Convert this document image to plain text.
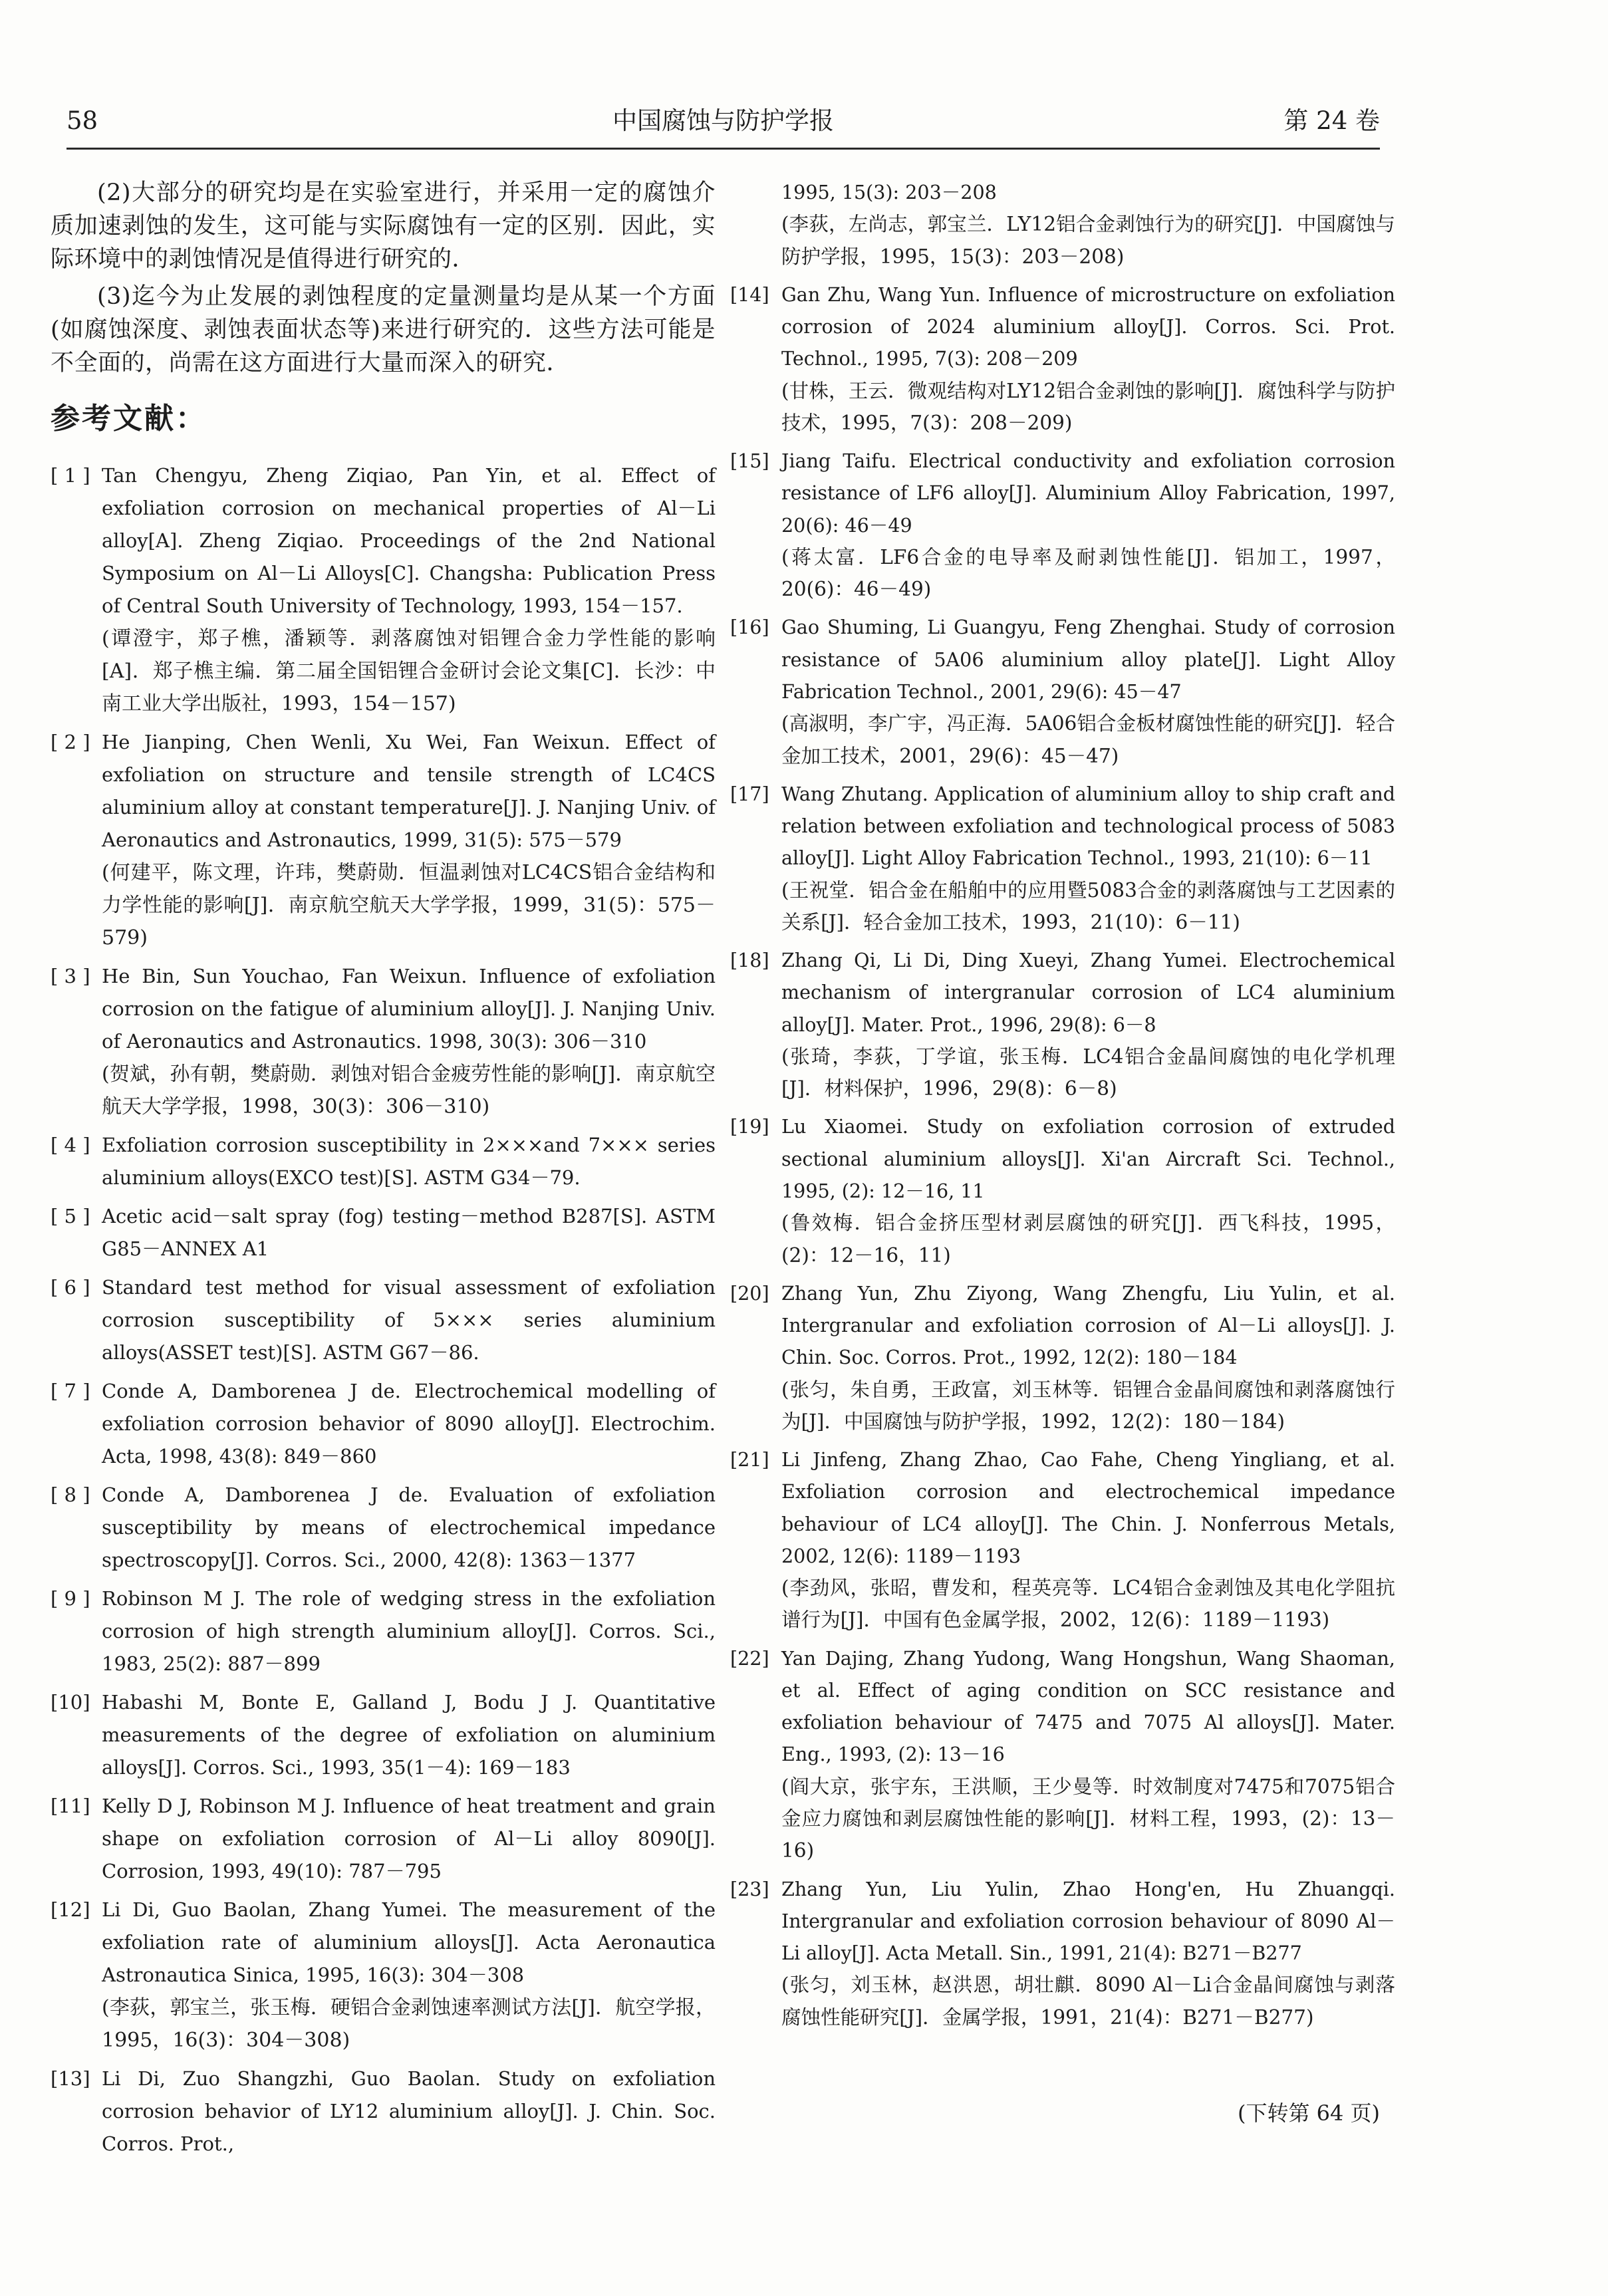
58	中国腐蚀与防护学报	第 24 卷

(2)大部分的研究均是在实验室进行，并采用一定的腐蚀介质加速剥蚀的发生，这可能与实际腐蚀有一定的区别．因此，实际环境中的剥蚀情况是值得进行研究的．

(3)迄今为止发展的剥蚀程度的定量测量均是从某一个方面(如腐蚀深度、剥蚀表面状态等)来进行研究的．这些方法可能是不全面的，尚需在这方面进行大量而深入的研究．

参考文献：
[ 1 ] Tan Chengyu, Zheng Ziqiao, Pan Yin, et al. Effect of exfoliation corrosion on mechanical properties of Al－Li alloy[A]. Zheng Ziqiao. Proceedings of the 2nd National Symposium on Al－Li Alloys[C]. Changsha: Publication Press of Central South University of Technology, 1993, 154－157.
(谭澄宇，郑子樵，潘颖等．剥落腐蚀对铝锂合金力学性能的影响[A]．郑子樵主编．第二届全国铝锂合金研讨会论文集[C]．长沙：中南工业大学出版社，1993，154－157)
[ 2 ] He Jianping, Chen Wenli, Xu Wei, Fan Weixun. Effect of exfoliation on structure and tensile strength of LC4CS aluminium alloy at constant temperature[J]. J. Nanjing Univ. of Aeronautics and Astronautics, 1999, 31(5): 575－579
(何建平，陈文理，许玮，樊蔚勋．恒温剥蚀对LC4CS铝合金结构和力学性能的影响[J]．南京航空航天大学学报，1999，31(5)：575－579)
[ 3 ] He Bin, Sun Youchao, Fan Weixun. Influence of exfoliation corrosion on the fatigue of aluminium alloy[J]. J. Nanjing Univ. of Aeronautics and Astronautics. 1998, 30(3): 306－310
(贺斌，孙有朝，樊蔚勋．剥蚀对铝合金疲劳性能的影响[J]．南京航空航天大学学报，1998，30(3)：306－310)
[ 4 ] Exfoliation corrosion susceptibility in 2×××and 7××× series aluminium alloys(EXCO test)[S]. ASTM G34－79.
[ 5 ] Acetic acid－salt spray (fog) testing－method B287[S]. ASTM G85－ANNEX A1
[ 6 ] Standard test method for visual assessment of exfoliation corrosion susceptibility of 5××× series aluminium alloys(ASSET test)[S]. ASTM G67－86.
[ 7 ] Conde A, Damborenea J de. Electrochemical modelling of exfoliation corrosion behavior of 8090 alloy[J]. Electrochim. Acta, 1998, 43(8): 849－860
[ 8 ] Conde A, Damborenea J de. Evaluation of exfoliation susceptibility by means of electrochemical impedance spectroscopy[J]. Corros. Sci., 2000, 42(8): 1363－1377
[ 9 ] Robinson M J. The role of wedging stress in the exfoliation corrosion of high strength aluminium alloy[J]. Corros. Sci., 1983, 25(2): 887－899
[10] Habashi M, Bonte E, Galland J, Bodu J J. Quantitative measurements of the degree of exfoliation on aluminium alloys[J]. Corros. Sci., 1993, 35(1－4): 169－183
[11] Kelly D J, Robinson M J. Influence of heat treatment and grain shape on exfoliation corrosion of Al－Li alloy 8090[J]. Corrosion, 1993, 49(10): 787－795
[12] Li Di, Guo Baolan, Zhang Yumei. The measurement of the exfoliation rate of aluminium alloys[J]. Acta Aeronautica Astronautica Sinica, 1995, 16(3): 304－308
(李荻，郭宝兰，张玉梅．硬铝合金剥蚀速率测试方法[J]．航空学报，1995，16(3)：304－308)
[13] Li Di, Zuo Shangzhi, Guo Baolan. Study on exfoliation corrosion behavior of LY12 aluminium alloy[J]. J. Chin. Soc. Corros. Prot.,
1995, 15(3): 203－208
(李荻，左尚志，郭宝兰．LY12铝合金剥蚀行为的研究[J]．中国腐蚀与防护学报，1995，15(3)：203－208)
[14] Gan Zhu, Wang Yun. Influence of microstructure on exfoliation corrosion of 2024 aluminium alloy[J]. Corros. Sci. Prot. Technol., 1995, 7(3): 208－209
(甘株，王云．微观结构对LY12铝合金剥蚀的影响[J]．腐蚀科学与防护技术，1995，7(3)：208－209)
[15] Jiang Taifu. Electrical conductivity and exfoliation corrosion resistance of LF6 alloy[J]. Aluminium Alloy Fabrication, 1997, 20(6): 46－49
(蒋太富．LF6合金的电导率及耐剥蚀性能[J]．铝加工，1997，20(6)：46－49)
[16] Gao Shuming, Li Guangyu, Feng Zhenghai. Study of corrosion resistance of 5A06 aluminium alloy plate[J]. Light Alloy Fabrication Technol., 2001, 29(6): 45－47
(高淑明，李广宇，冯正海．5A06铝合金板材腐蚀性能的研究[J]．轻合金加工技术，2001，29(6)：45－47)
[17] Wang Zhutang. Application of aluminium alloy to ship craft and relation between exfoliation and technological process of 5083 alloy[J]. Light Alloy Fabrication Technol., 1993, 21(10): 6－11
(王祝堂．铝合金在船舶中的应用暨5083合金的剥落腐蚀与工艺因素的关系[J]．轻合金加工技术，1993，21(10)：6－11)
[18] Zhang Qi, Li Di, Ding Xueyi, Zhang Yumei. Electrochemical mechanism of intergranular corrosion of LC4 aluminium alloy[J]. Mater. Prot., 1996, 29(8): 6－8
(张琦，李荻，丁学谊，张玉梅．LC4铝合金晶间腐蚀的电化学机理[J]．材料保护，1996，29(8)：6－8)
[19] Lu Xiaomei. Study on exfoliation corrosion of extruded sectional aluminium alloys[J]. Xi'an Aircraft Sci. Technol., 1995, (2): 12－16, 11
(鲁效梅．铝合金挤压型材剥层腐蚀的研究[J]．西飞科技，1995，(2)：12－16，11)
[20] Zhang Yun, Zhu Ziyong, Wang Zhengfu, Liu Yulin, et al. Intergranular and exfoliation corrosion of Al－Li alloys[J]. J. Chin. Soc. Corros. Prot., 1992, 12(2): 180－184
(张匀，朱自勇，王政富，刘玉林等．铝锂合金晶间腐蚀和剥落腐蚀行为[J]．中国腐蚀与防护学报，1992，12(2)：180－184)
[21] Li Jinfeng, Zhang Zhao, Cao Fahe, Cheng Yingliang, et al. Exfoliation corrosion and electrochemical impedance behaviour of LC4 alloy[J]. The Chin. J. Nonferrous Metals, 2002, 12(6): 1189－1193
(李劲风，张昭，曹发和，程英亮等．LC4铝合金剥蚀及其电化学阻抗谱行为[J]．中国有色金属学报，2002，12(6)：1189－1193)
[22] Yan Dajing, Zhang Yudong, Wang Hongshun, Wang Shaoman, et al. Effect of aging condition on SCC resistance and exfoliation behaviour of 7475 and 7075 Al alloys[J]. Mater. Eng., 1993, (2): 13－16
(阎大京，张宇东，王洪顺，王少曼等．时效制度对7475和7075铝合金应力腐蚀和剥层腐蚀性能的影响[J]．材料工程，1993，(2)：13－16)
[23] Zhang Yun, Liu Yulin, Zhao Hong'en, Hu Zhuangqi. Intergranular and exfoliation corrosion behaviour of 8090 Al－Li alloy[J]. Acta Metall. Sin., 1991, 21(4): B271－B277
(张匀，刘玉林，赵洪恩，胡壮麒．8090 Al－Li合金晶间腐蚀与剥落腐蚀性能研究[J]．金属学报，1991，21(4)：B271－B277)
(下转第 64 页)
